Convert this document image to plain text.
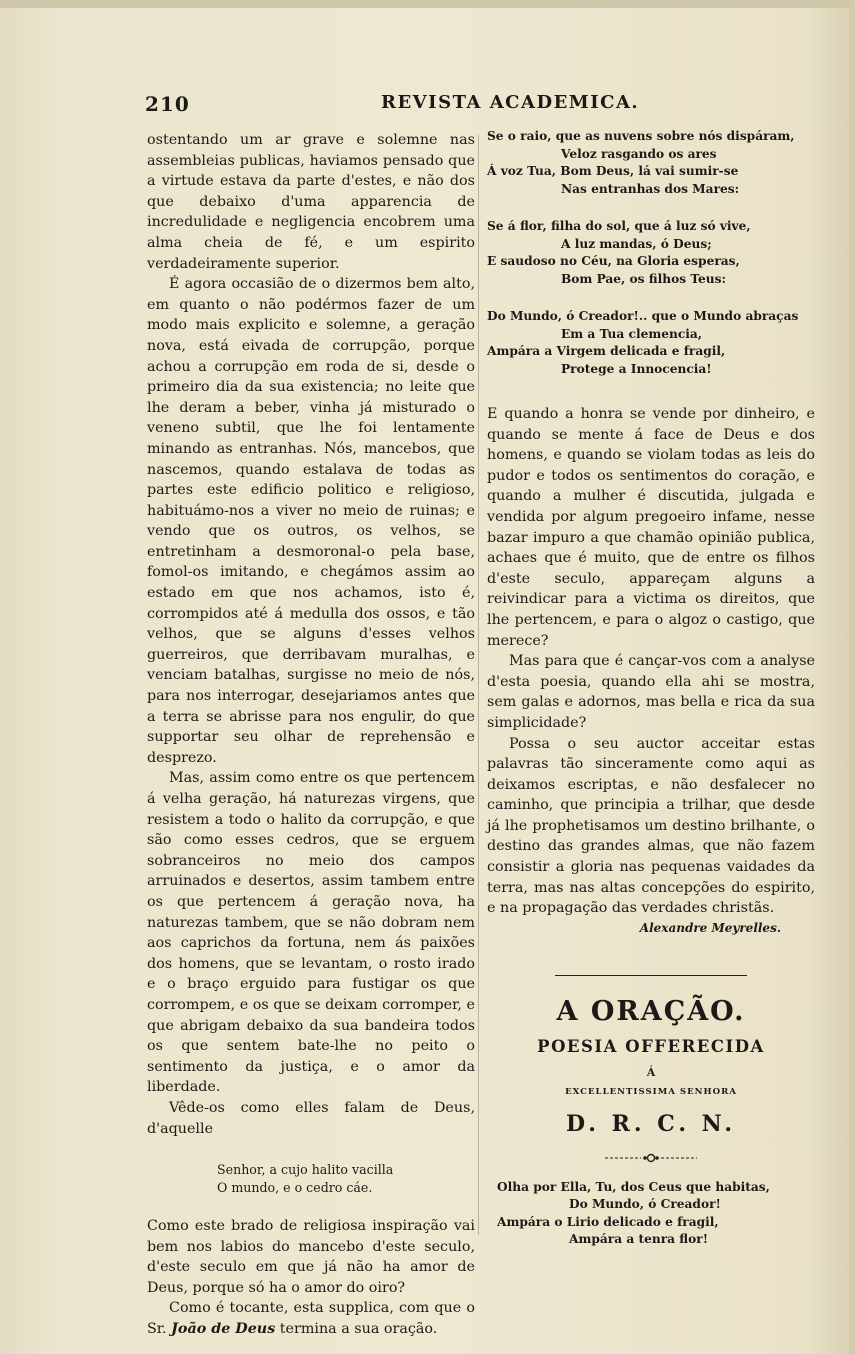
210	REVISTA ACADEMICA.

ostentando um ar grave e solemne nas assembleias publicas, haviamos pensado que a virtude estava da parte d'estes, e não dos que debaixo d'uma apparencia de incredulidade e negligencia encobrem uma alma cheia de fé, e um espirito verdadeiramente superior.

É agora occasião de o dizermos bem alto, em quanto o não podérmos fazer de um modo mais explicito e solemne, a geração nova, está eivada de corrupção, porque achou a corrupção em roda de si, desde o primeiro dia da sua existencia; no leite que lhe deram a beber, vinha já misturado o veneno subtil, que lhe foi lentamente minando as entranhas. Nós, mancebos, que nascemos, quando estalava de todas as partes este edificio politico e religioso, habituámo-nos a viver no meio de ruinas; e vendo que os outros, os velhos, se entretinham a desmoronal-o pela base, fomol-os imitando, e chegámos assim ao estado em que nos achamos, isto é, corrompidos até á medulla dos ossos, e tão velhos, que se alguns d'esses velhos guerreiros, que derribavam muralhas, e venciam batalhas, surgisse no meio de nós, para nos interrogar, desejariamos antes que a terra se abrisse para nos engulir, do que supportar seu olhar de reprehensão e desprezo.

Mas, assim como entre os que pertencem á velha geração, há naturezas virgens, que resistem a todo o halito da corrupção, e que são como esses cedros, que se erguem sobranceiros no meio dos campos arruinados e desertos, assim tambem entre os que pertencem á geração nova, ha naturezas tambem, que se não dobram nem aos caprichos da fortuna, nem ás paixões dos homens, que se levantam, o rosto irado e o braço erguido para fustigar os que corrompem, e os que se deixam corromper, e que abrigam debaixo da sua bandeira todos os que sentem bate-lhe no peito o sentimento da justiça, e o amor da liberdade.

Vêde-os como elles falam de Deus, d'aquelle

Senhor, a cujo halito vacilla
O mundo, e o cedro cáe.

Como este brado de religiosa inspiração vai bem nos labios do mancebo d'este seculo, d'este seculo em que já não ha amor de Deus, porque só ha o amor do oiro?

Como é tocante, esta supplica, com que o Sr. João de Deus termina a sua oração.

Se o raio, que as nuvens sobre nós dispáram,
Veloz rasgando os ares
Á voz Tua, Bom Deus, lá vai sumir-se
Nas entranhas dos Mares:
Se á flor, filha do sol, que á luz só vive,
A luz mandas, ó Deus;
E saudoso no Céu, na Gloria esperas,
Bom Pae, os filhos Teus:
Do Mundo, ó Creador!.. que o Mundo abraças
Em a Tua clemencia,
Ampára a Virgem delicada e fragil,
Protege a Innocencia!

E quando a honra se vende por dinheiro, e quando se mente á face de Deus e dos homens, e quando se violam todas as leis do pudor e todos os sentimentos do coração, e quando a mulher é discutida, julgada e vendida por algum pregoeiro infame, nesse bazar impuro a que chamão opinião publica, achaes que é muito, que de entre os filhos d'este seculo, appareçam alguns a reivindicar para a victima os direitos, que lhe pertencem, e para o algoz o castigo, que merece?

Mas para que é cançar-vos com a analyse d'esta poesia, quando ella ahi se mostra, sem galas e adornos, mas bella e rica da sua simplicidade?

Possa o seu auctor acceitar estas palavras tão sinceramente como aqui as deixamos escriptas, e não desfalecer no caminho, que principia a trilhar, que desde já lhe prophetisamos um destino brilhante, o destino das grandes almas, que não fazem consistir a gloria nas pequenas vaidades da terra, mas nas altas concepções do espirito, e na propagação das verdades christãs.

Alexandre Meyrelles.

A ORAÇÃO.
POESIA OFFERECIDA
Á
EXCELLENTISSIMA SENHORA
D. R. C. N.
Olha por Ella, Tu, dos Ceus que habitas,
Do Mundo, ó Creador!
Ampára o Lirio delicado e fragil,
Ampára a tenra flor!
